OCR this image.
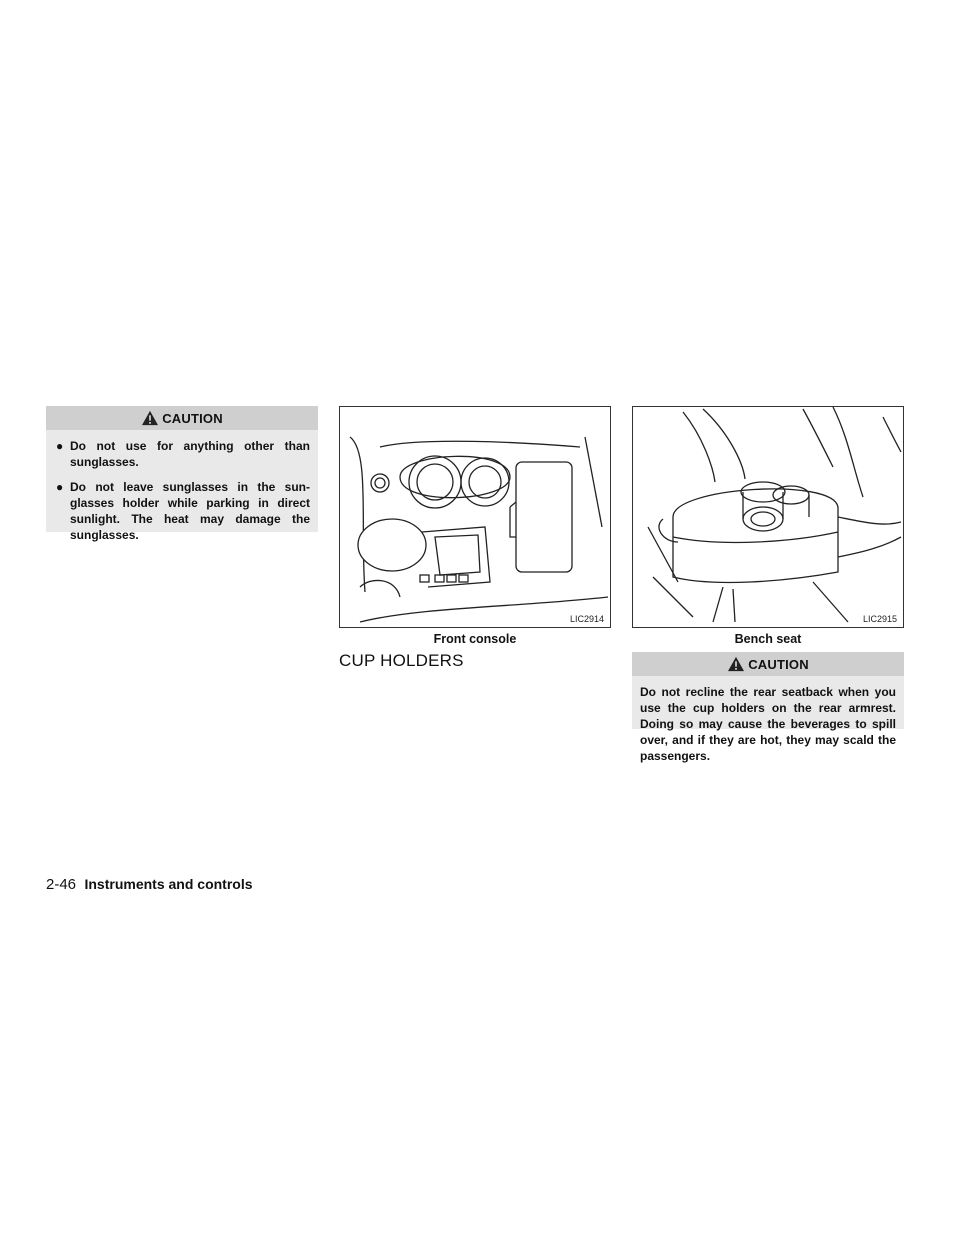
CAUTION
● Do not use for anything other than sunglasses.
● Do not leave sunglasses in the sun-glasses holder while parking in direct sunlight. The heat may damage the sunglasses.
LIC2914
Front console
LIC2915
Bench seat
CUP HOLDERS	CAUTION
Do not recline the rear seatback when you use the cup holders on the rear armrest. Doing so may cause the beverages to spill over, and if they are hot, they may scald the passengers.
2-46 Instruments and controls
